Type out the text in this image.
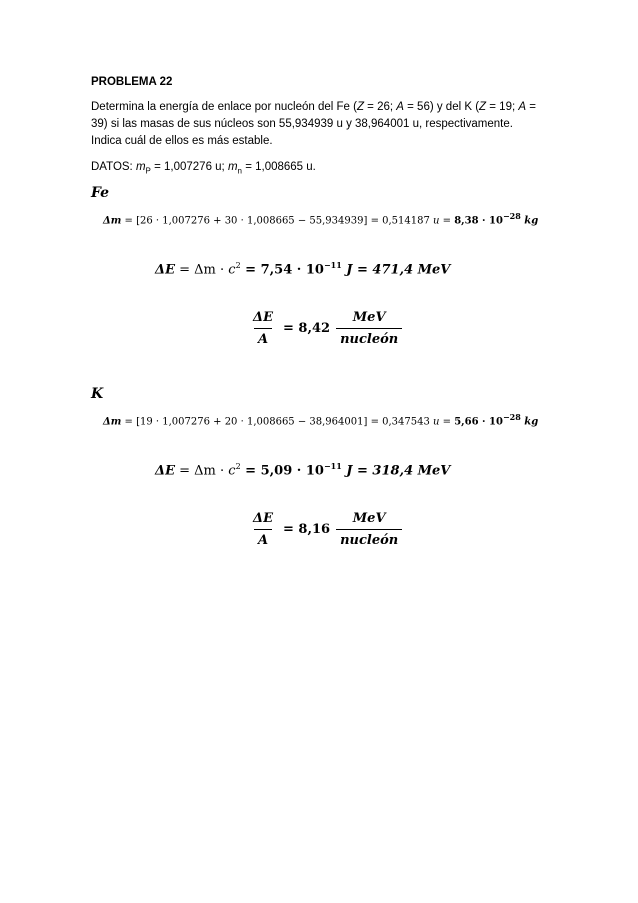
PROBLEMA 22
Determina la energía de enlace por nucleón del Fe (Z = 26; A = 56) y del K (Z = 19; A = 39) si las masas de sus núcleos son 55,934939 u y 38,964001 u, respectivamente. Indica cuál de ellos es más estable.
DATOS: $m_P = 1,007276$ u; $m_n = 1,008665$ u.
Fe
Δm = [26 · 1,007276 + 30 · 1,008665 − 55,934939] = 0,514187 $u = 8,38 \cdot 10^{-28}$ kg
$\Delta E = \Delta m \cdot c^2 = 7,54 \cdot 10^{-11}$ J = 471,4 MeV
$\frac{\Delta E}{A} = 8,42 \frac{\text{MeV}}{\text{nucleón}}$
K
Δm = [19 · 1,007276 + 20 · 1,008665 − 38,964001] = 0,347543 $u = 5,66 \cdot 10^{-28}$ kg
$\Delta E = \Delta m \cdot c^2 = 5,09 \cdot 10^{-11}$ J = 318,4 MeV
$\frac{\Delta E}{A} = 8,16 \frac{\text{MeV}}{\text{nucleón}}$
